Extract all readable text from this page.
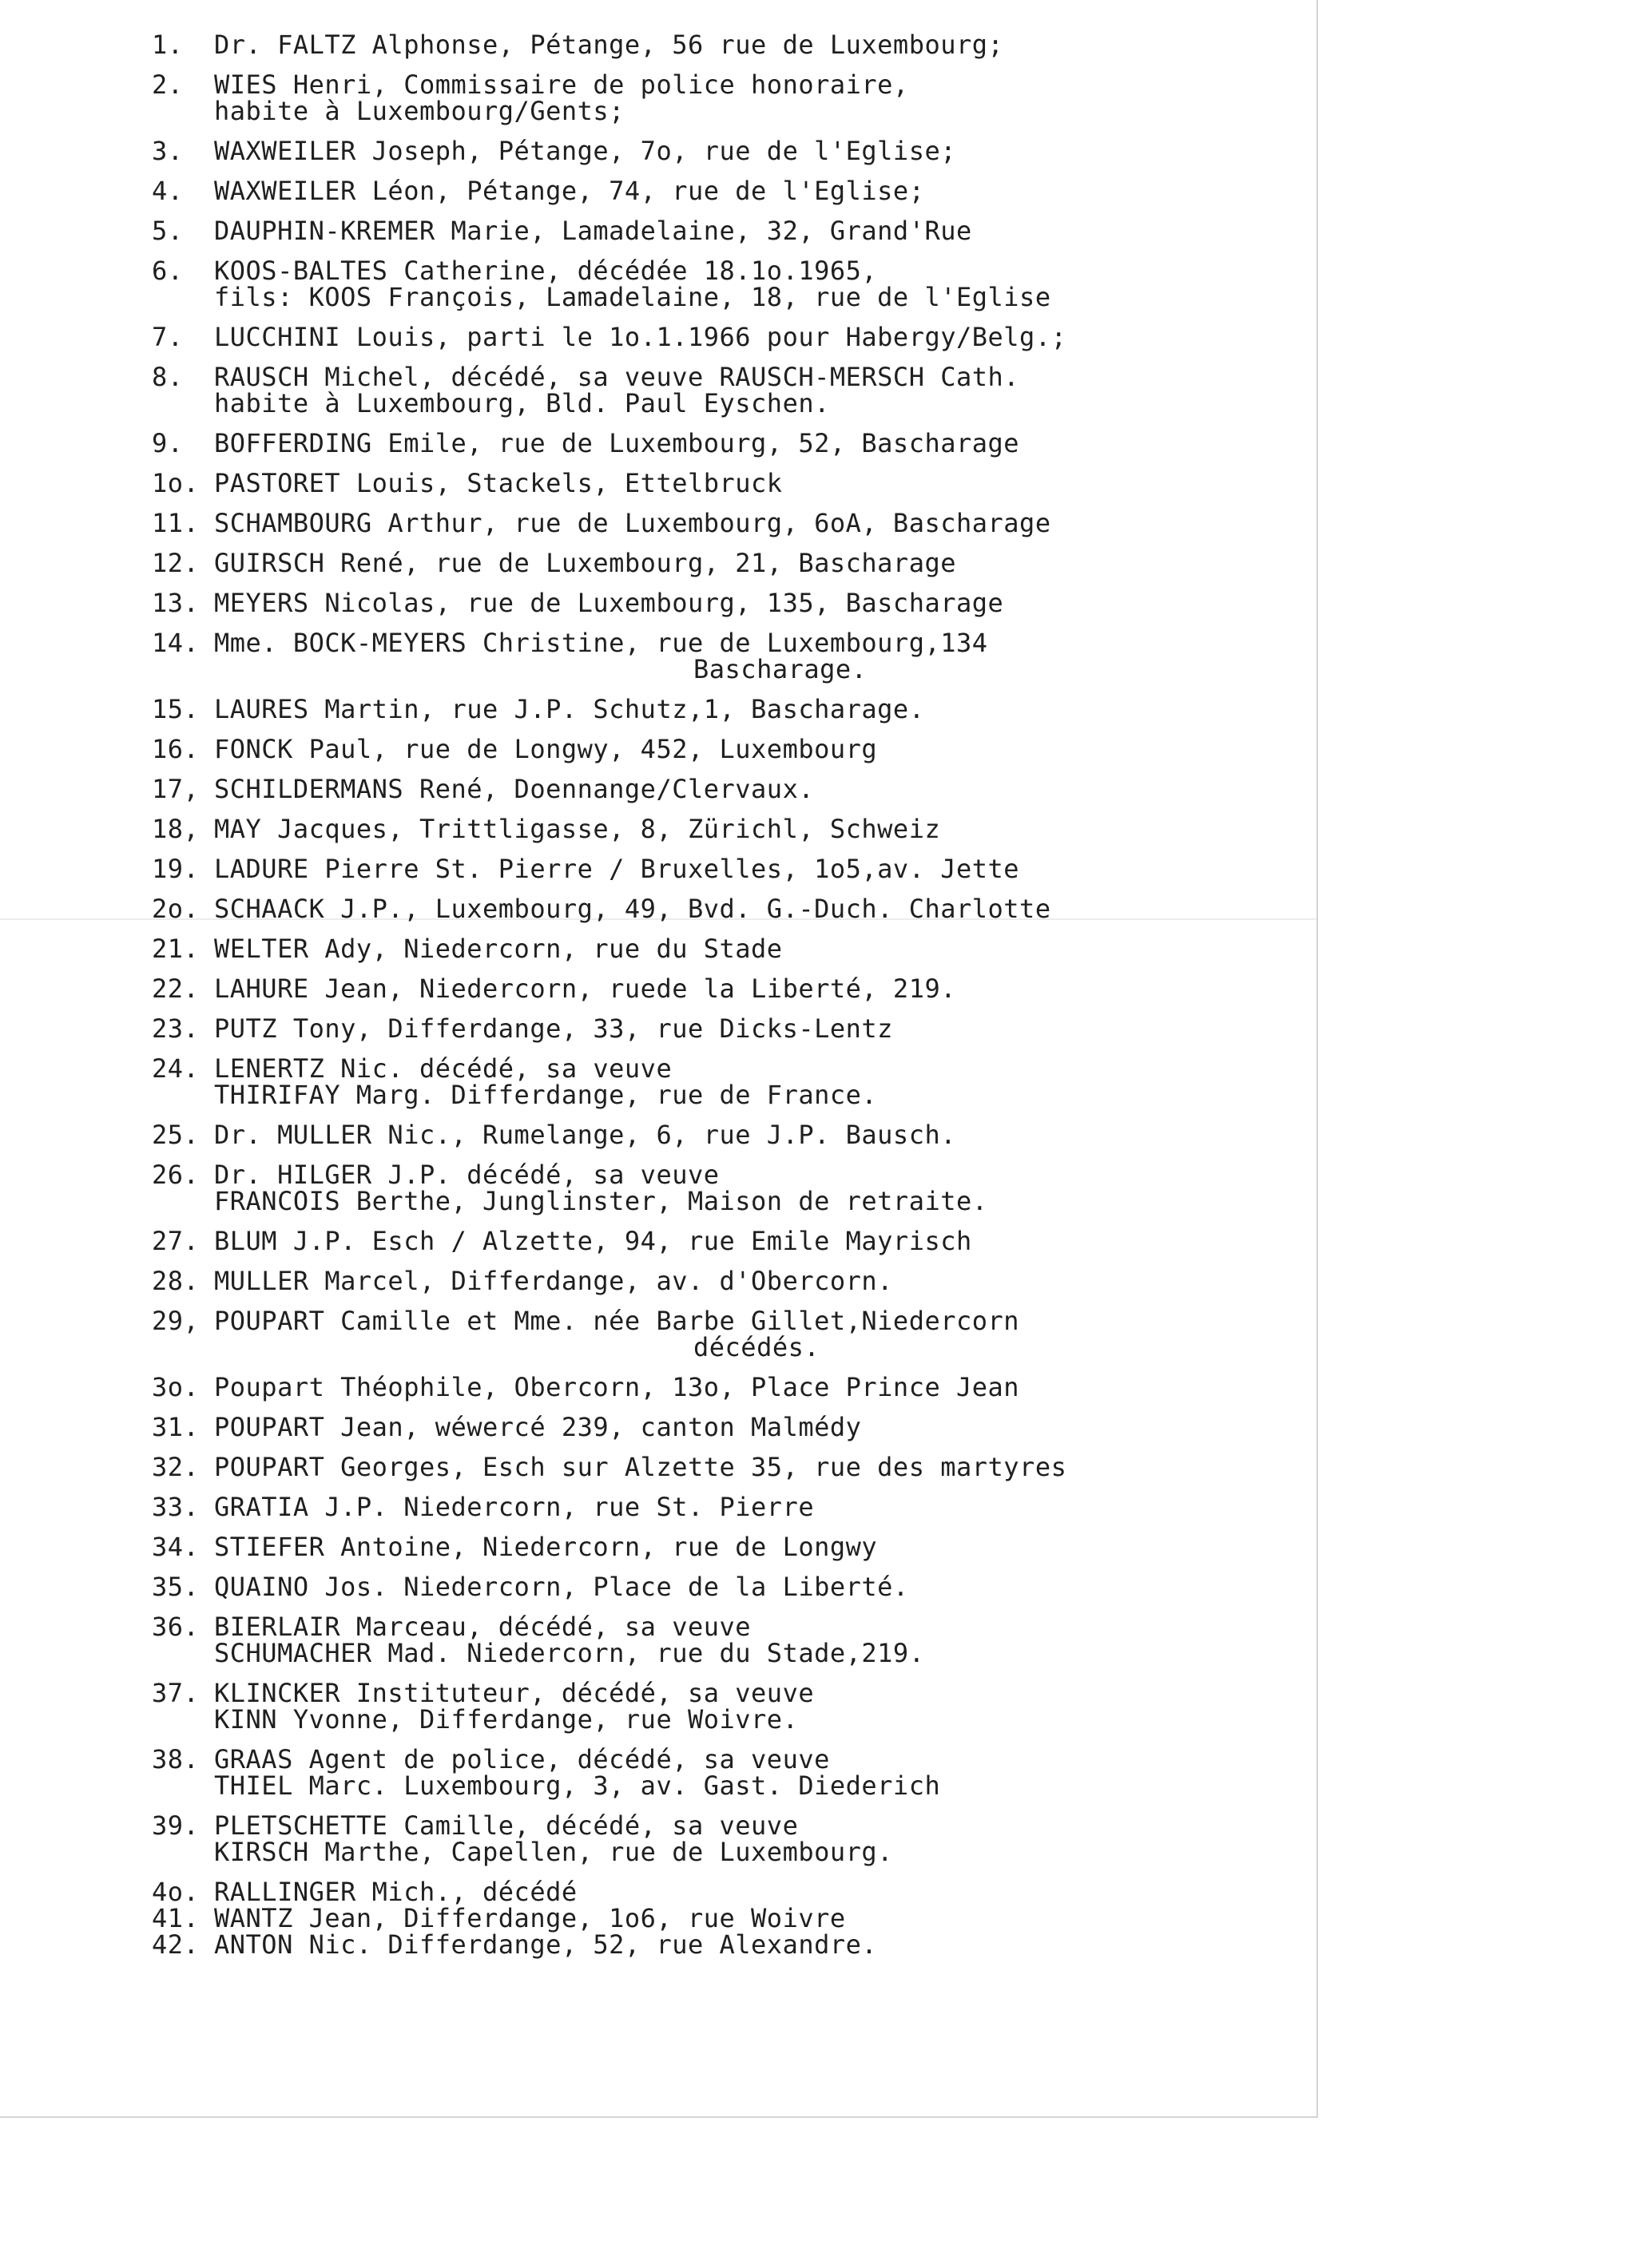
1.	Dr. FALTZ Alphonse, Pétange, 56 rue de Luxembourg;
2.	WIES Henri, Commissaire de police honoraire,
habite à Luxembourg/Gents;
3.	WAXWEILER Joseph, Pétange, 7o, rue de l'Eglise;
4.	WAXWEILER Léon, Pétange, 74, rue de l'Eglise;
5.	DAUPHIN-KREMER Marie, Lamadelaine, 32, Grand'Rue
6.	KOOS-BALTES Catherine, décédée 18.1o.1965,
fils: KOOS François, Lamadelaine, 18, rue de l'Eglise
7.	LUCCHINI Louis, parti le 1o.1.1966 pour Habergy/Belg.;
8.	RAUSCH Michel, décédé, sa veuve RAUSCH-MERSCH Cath.
habite à Luxembourg, Bld. Paul Eyschen.
9.	BOFFERDING Emile, rue de Luxembourg, 52, Bascharage
1o. PASTORET Louis, Stackels, Ettelbruck
11. SCHAMBOURG Arthur, rue de Luxembourg, 6oA, Bascharage
12. GUIRSCH René, rue de Luxembourg, 21, Bascharage
13. MEYERS Nicolas, rue de Luxembourg, 135, Bascharage
14. Mme. BOCK-MEYERS Christine, rue de Luxembourg,134
Bascharage.
15. LAURES Martin, rue J.P. Schutz,1, Bascharage.
16. FONCK Paul, rue de Longwy, 452, Luxembourg
17, SCHILDERMANS René, Doennange/Clervaux.
18, MAY Jacques, Trittligasse, 8, Zürichl, Schweiz
19. LADURE Pierre St. Pierre / Bruxelles, 1o5,av. Jette
2o. SCHAACK J.P., Luxembourg, 49, Bvd. G.-Duch. Charlotte
21. WELTER Ady, Niedercorn, rue du Stade
22. LAHURE Jean, Niedercorn, ruede la Liberté, 219.
23. PUTZ Tony, Differdange, 33, rue Dicks-Lentz
24. LENERTZ Nic. décédé, sa veuve
THIRIFAY Marg. Differdange, rue de France.
25. Dr. MULLER Nic., Rumelange, 6, rue J.P. Bausch.
26. Dr. HILGER J.P. décédé, sa veuve
FRANCOIS Berthe, Junglinster, Maison de retraite.
27. BLUM J.P. Esch / Alzette, 94, rue Emile Mayrisch
28. MULLER Marcel, Differdange, av. d'Obercorn.
29, POUPART Camille et Mme. née Barbe Gillet,Niedercorn
décédés.
3o. Poupart Théophile, Obercorn, 13o, Place Prince Jean
31. POUPART Jean, wéwercé 239, canton Malmédy
32. POUPART Georges, Esch sur Alzette 35, rue des martyres
33. GRATIA J.P. Niedercorn, rue St. Pierre
34. STIEFER Antoine, Niedercorn, rue de Longwy
35. QUAINO Jos. Niedercorn, Place de la Liberté.
36. BIERLAIR Marceau, décédé, sa veuve
SCHUMACHER Mad. Niedercorn, rue du Stade,219.
37. KLINCKER Instituteur, décédé, sa veuve
KINN Yvonne, Differdange, rue Woivre.
38. GRAAS Agent de police, décédé, sa veuve
THIEL Marc. Luxembourg, 3, av. Gast. Diederich
39. PLETSCHETTE Camille, décédé, sa veuve
KIRSCH Marthe, Capellen, rue de Luxembourg.
4o. RALLINGER Mich., décédé
41. WANTZ Jean, Differdange, 1o6, rue Woivre
42. ANTON Nic. Differdange, 52, rue Alexandre.
